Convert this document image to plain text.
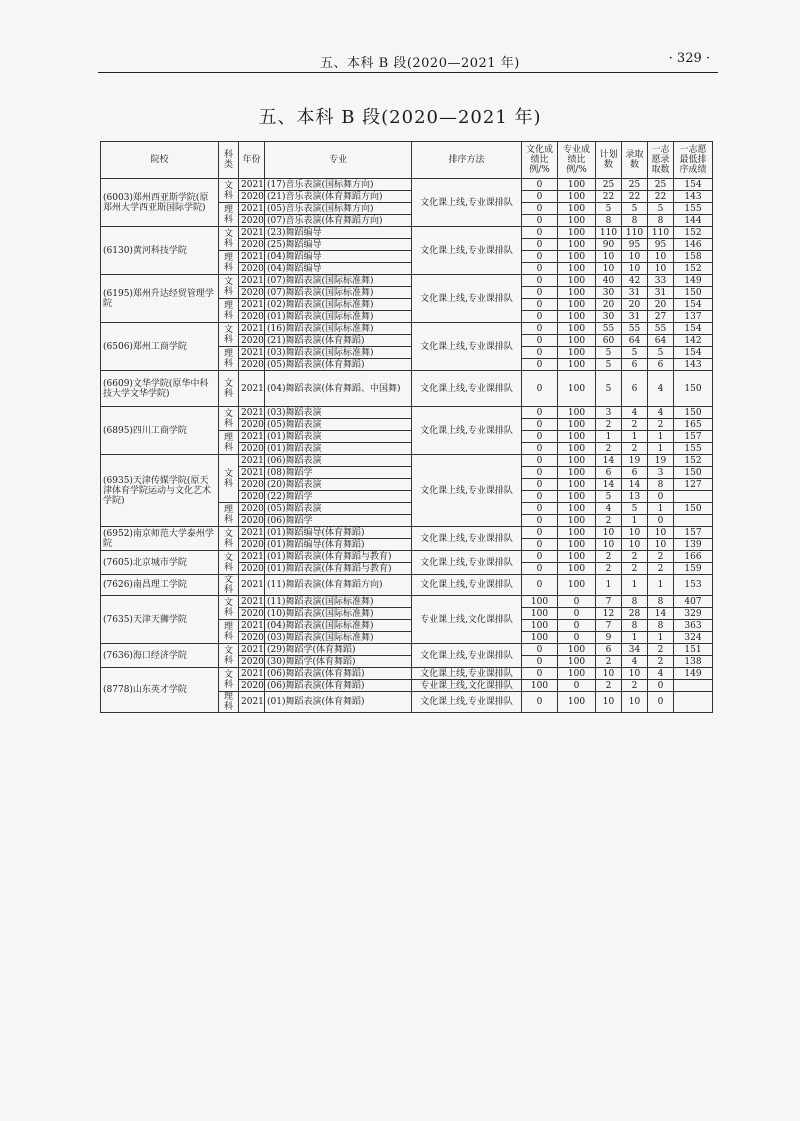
五、本科 B 段(2020—2021 年)	· 329 ·
五、本科 B 段(2020—2021 年)
院校	科类	年份	专业	排序方法	文化成绩比例/%	专业成绩比例/%	计划数	录取数	一志愿录取数	一志愿最低排序成绩
(6003)郑州西亚斯学院(原郑州大学西亚斯国际学院)	文科	2021	(17)音乐表演(国标舞方向)	文化课上线,专业课排队	0	100	25	25	25	154
		2020	(21)音乐表演(体育舞蹈方向)		0	100	22	22	22	143
	理科	2021	(05)音乐表演(国标舞方向)		0	100	5	5	5	155
		2020	(07)音乐表演(体育舞蹈方向)		0	100	8	8	8	144
(6130)黄河科技学院	文科	2021	(23)舞蹈编导	文化课上线,专业课排队	0	100	110	110	110	152
		2020	(25)舞蹈编导		0	100	90	95	95	146
	理科	2021	(04)舞蹈编导		0	100	10	10	10	158
		2020	(04)舞蹈编导		0	100	10	10	10	152
(6195)郑州升达经贸管理学院	文科	2021	(07)舞蹈表演(国际标准舞)	文化课上线,专业课排队	0	100	40	42	33	149
		2020	(07)舞蹈表演(国际标准舞)		0	100	30	31	31	150
	理科	2021	(02)舞蹈表演(国际标准舞)		0	100	20	20	20	154
		2020	(01)舞蹈表演(国际标准舞)		0	100	30	31	27	137
(6506)郑州工商学院	文科	2021	(16)舞蹈表演(国际标准舞)	文化课上线,专业课排队	0	100	55	55	55	154
		2020	(21)舞蹈表演(体育舞蹈)		0	100	60	64	64	142
	理科	2021	(03)舞蹈表演(国际标准舞)		0	100	5	5	5	154
		2020	(05)舞蹈表演(体育舞蹈)		0	100	5	6	6	143
(6609)文华学院(原华中科技大学文华学院)	文科	2021	(04)舞蹈表演(体育舞蹈、中国舞)	文化课上线,专业课排队	0	100	5	6	4	150
(6895)四川工商学院	文科	2021	(03)舞蹈表演	文化课上线,专业课排队	0	100	3	4	4	150
		2020	(05)舞蹈表演		0	100	2	2	2	165
	理科	2021	(01)舞蹈表演		0	100	1	1	1	157
		2020	(01)舞蹈表演		0	100	2	2	1	155
(6935)天津传媒学院(原天津体育学院运动与文化艺术学院)	文科	2021	(06)舞蹈表演	文化课上线,专业课排队	0	100	14	19	19	152
		2021	(08)舞蹈学		0	100	6	6	3	150
		2020	(20)舞蹈表演		0	100	14	14	8	127
		2020	(22)舞蹈学		0	100	5	13	0	
	理科	2020	(05)舞蹈表演		0	100	4	5	1	150
		2020	(06)舞蹈学		0	100	2	1	0	
(6952)南京师范大学泰州学院	文科	2021	(01)舞蹈编导(体育舞蹈)	文化课上线,专业课排队	0	100	10	10	10	157
		2020	(01)舞蹈编导(体育舞蹈)		0	100	10	10	10	139
(7605)北京城市学院	文科	2021	(01)舞蹈表演(体育舞蹈与教育)	文化课上线,专业课排队	0	100	2	2	2	166
		2020	(01)舞蹈表演(体育舞蹈与教育)		0	100	2	2	2	159
(7626)南昌理工学院	文科	2021	(11)舞蹈表演(体育舞蹈方向)	文化课上线,专业课排队	0	100	1	1	1	153
(7635)天津天狮学院	文科	2021	(11)舞蹈表演(国际标准舞)	专业课上线,文化课排队	100	0	7	8	8	407
		2020	(10)舞蹈表演(国际标准舞)		100	0	12	28	14	329
	理科	2021	(04)舞蹈表演(国际标准舞)		100	0	7	8	8	363
		2020	(03)舞蹈表演(国际标准舞)		100	0	9	1	1	324
(7636)海口经济学院	文科	2021	(29)舞蹈学(体育舞蹈)	文化课上线,专业课排队	0	100	6	34	2	151
		2020	(30)舞蹈学(体育舞蹈)		0	100	2	4	2	138
(8778)山东英才学院	文科	2021	(06)舞蹈表演(体育舞蹈)	文化课上线,专业课排队	0	100	10	10	4	149
		2020	(06)舞蹈表演(体育舞蹈)	专业课上线,文化课排队	100	0	2	2	0	
	理科	2021	(01)舞蹈表演(体育舞蹈)	文化课上线,专业课排队	0	100	10	10	0	
